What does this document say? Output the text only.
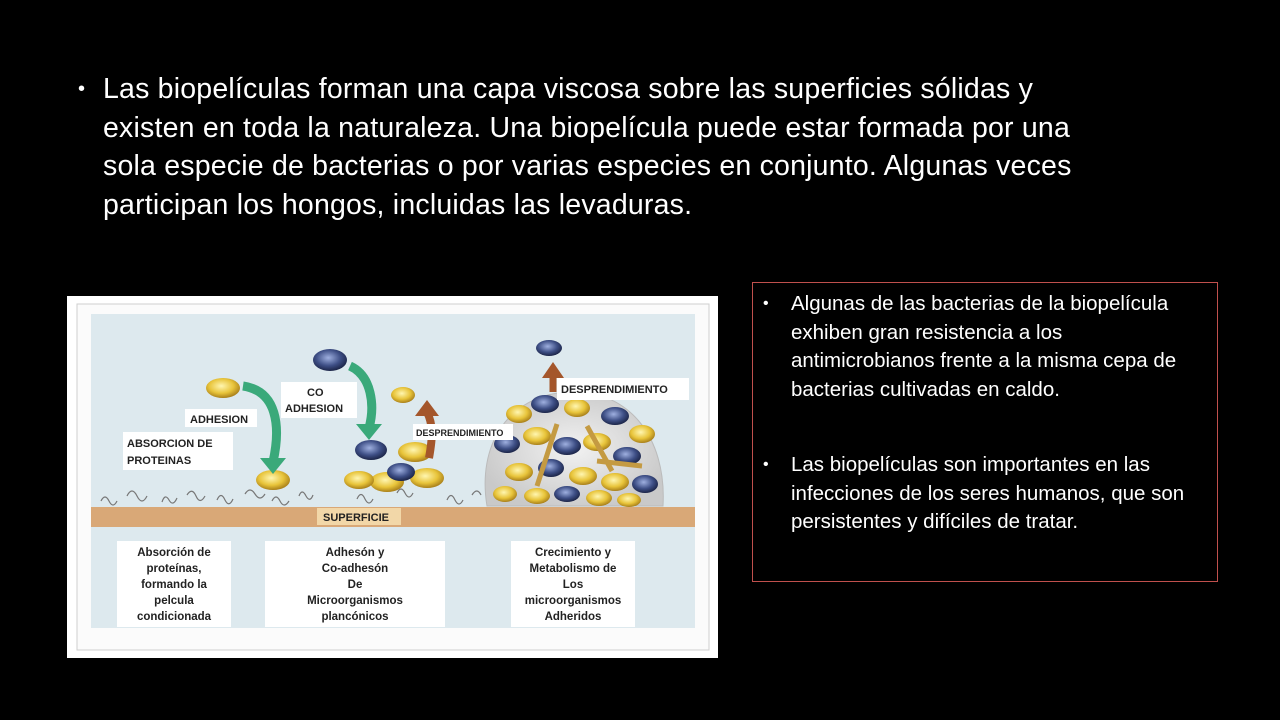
• Las biopelículas forman una capa viscosa sobre las superficies sólidas y existen en toda la naturaleza. Una biopelícula puede estar formada por una sola especie de bacterias o por varias especies en conjunto. Algunas veces participan los hongos, incluidas las levaduras.

SUPERFICIE
ADHESION
CO
ADHESION
ABSORCION DE
PROTEINAS
DESPRENDIMIENTO
DESPRENDIMIENTO
Absorción de
proteínas,
formando la
pelcula
condicionada
Adhesón y
Co-adhesón
De
Microorganismos
plancónicos
Crecimiento y
Metabolismo de
Los
microorganismos
Adheridos
• Algunas de las bacterias de la biopelícula exhiben gran resistencia a los antimicrobianos frente a la misma cepa de bacterias cultivadas en caldo.

• Las biopelículas son importantes en las infecciones de los seres humanos, que son persistentes y difíciles de tratar.
